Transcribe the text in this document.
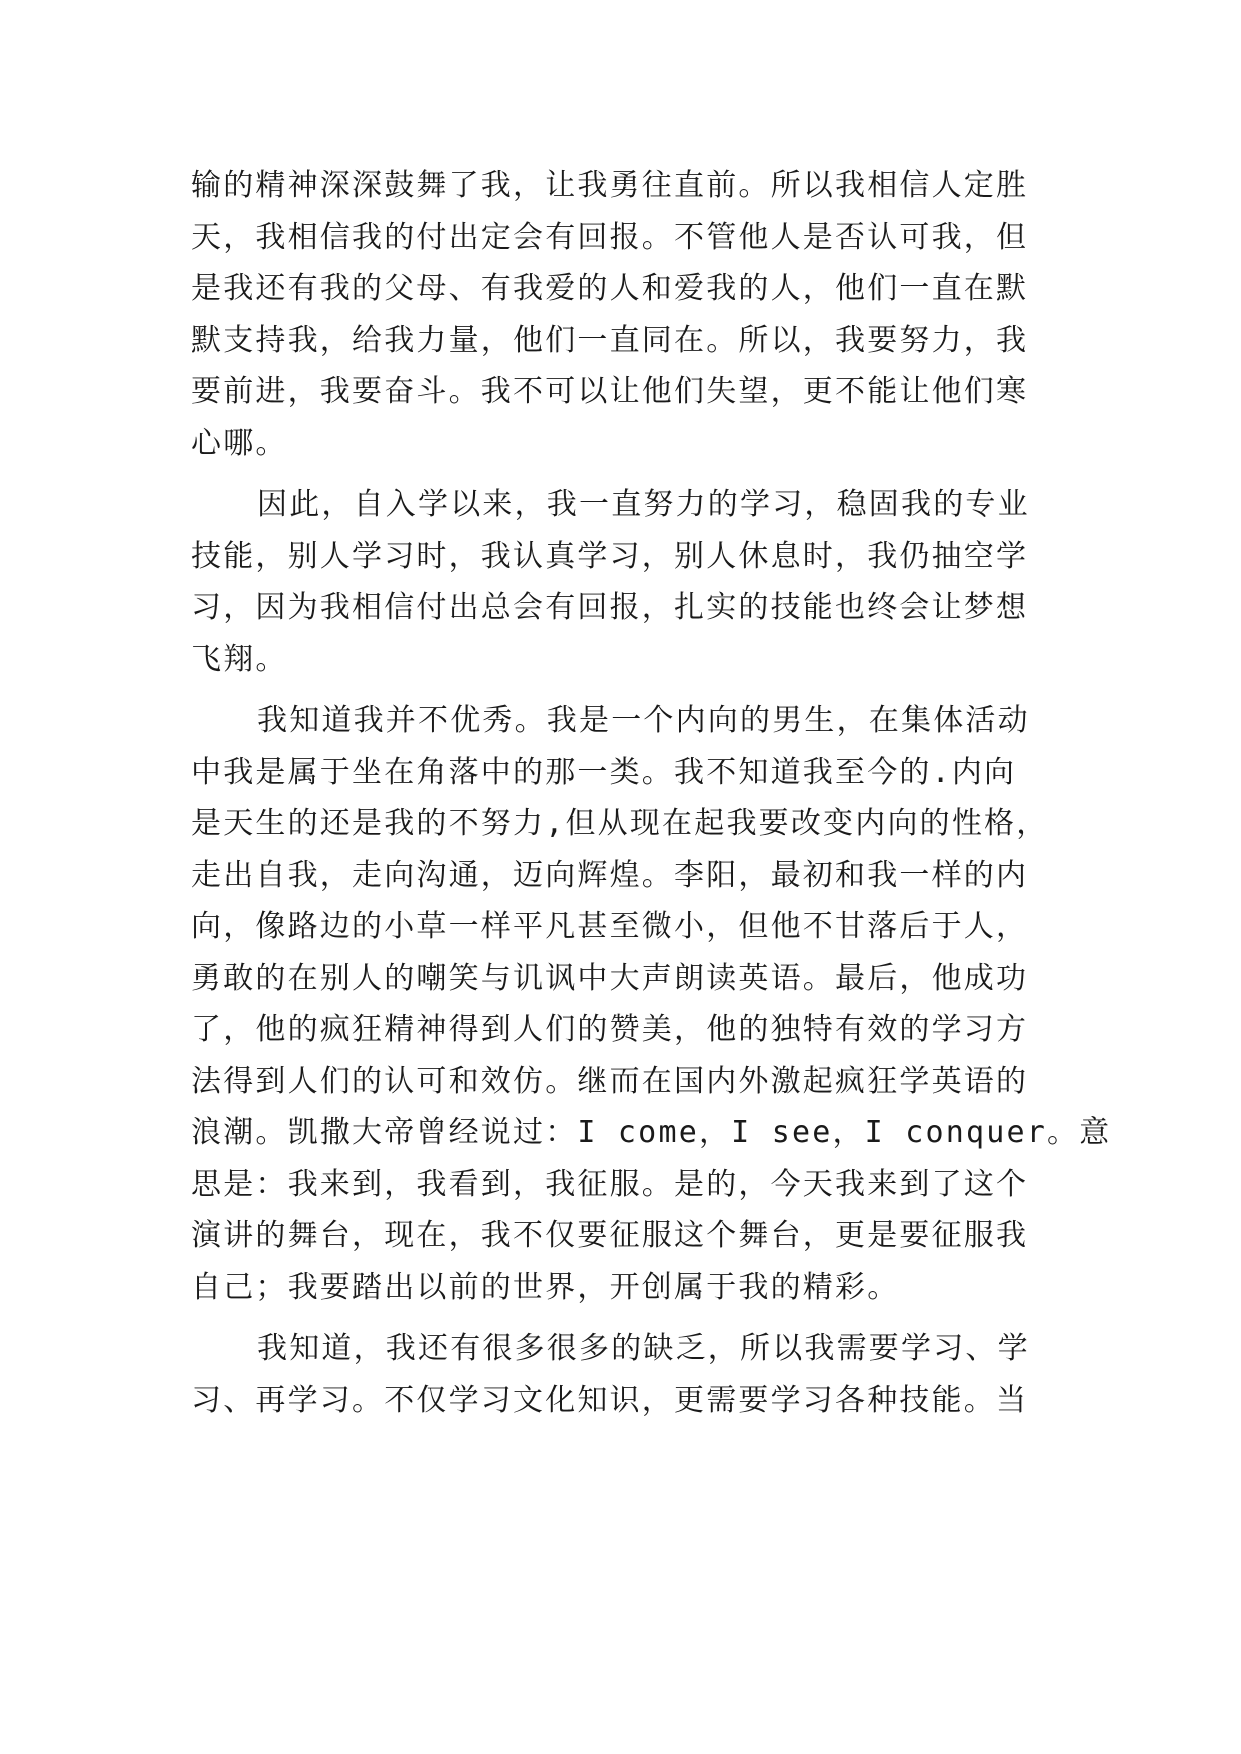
输的精神深深鼓舞了我，让我勇往直前。所以我相信人定胜
天，我相信我的付出定会有回报。不管他人是否认可我，但
是我还有我的父母、有我爱的人和爱我的人，他们一直在默
默支持我，给我力量，他们一直同在。所以，我要努力，我
要前进，我要奋斗。我不可以让他们失望，更不能让他们寒
心哪。
因此，自入学以来，我一直努力的学习，稳固我的专业
技能，别人学习时，我认真学习，别人休息时，我仍抽空学
习，因为我相信付出总会有回报，扎实的技能也终会让梦想
飞翔。
我知道我并不优秀。我是一个内向的男生，在集体活动
中我是属于坐在角落中的那一类。我不知道我至今的.内向
是天生的还是我的不努力,但从现在起我要改变内向的性格，
走出自我，走向沟通，迈向辉煌。李阳，最初和我一样的内
向，像路边的小草一样平凡甚至微小，但他不甘落后于人，
勇敢的在别人的嘲笑与讥讽中大声朗读英语。最后，他成功
了，他的疯狂精神得到人们的赞美，他的独特有效的学习方
法得到人们的认可和效仿。继而在国内外激起疯狂学英语的
浪潮。凯撒大帝曾经说过：I come，I see，I conquer。意
思是：我来到，我看到，我征服。是的，今天我来到了这个
演讲的舞台，现在，我不仅要征服这个舞台，更是要征服我
自己；我要踏出以前的世界，开创属于我的精彩。
我知道，我还有很多很多的缺乏，所以我需要学习、学
习、再学习。不仅学习文化知识，更需要学习各种技能。当
